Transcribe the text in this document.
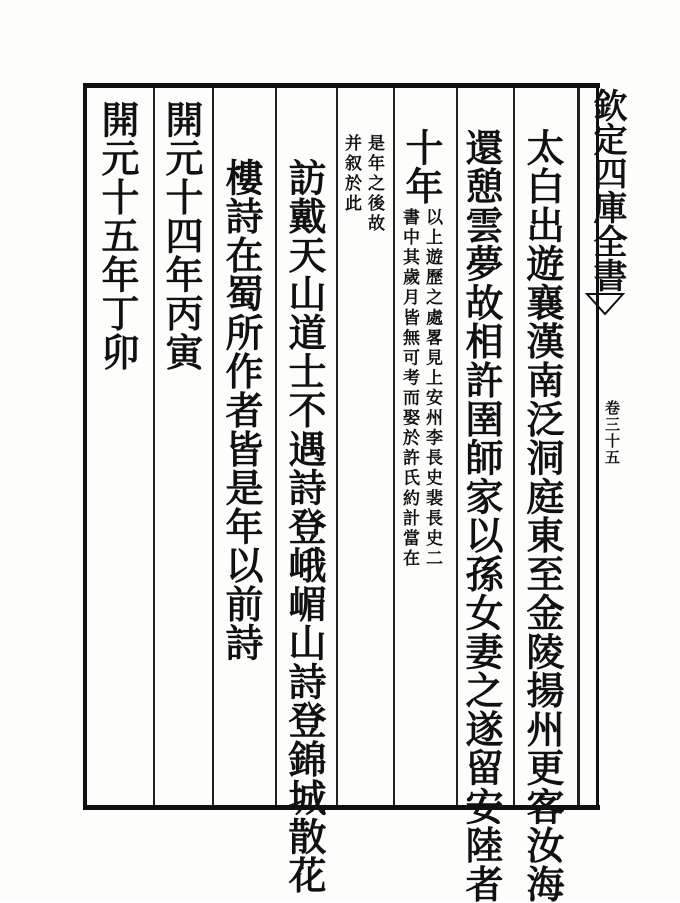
欽定四庫全書
卷三十五
太白出遊襄漢南泛洞庭東至金陵揚州更客汝海
還憩雲夢故相許圉師家以孫女妻之遂留安陸者
十年
以上遊歷之處畧見上安州李長史裴長史二
書中其歲月皆無可考而娶於許氏約計當在
是年之後故
并叙於此
訪戴天山道士不遇詩登峨嵋山詩登錦城散花
樓詩在蜀所作者皆是年以前詩
開元十四年丙寅
開元十五年丁卯
